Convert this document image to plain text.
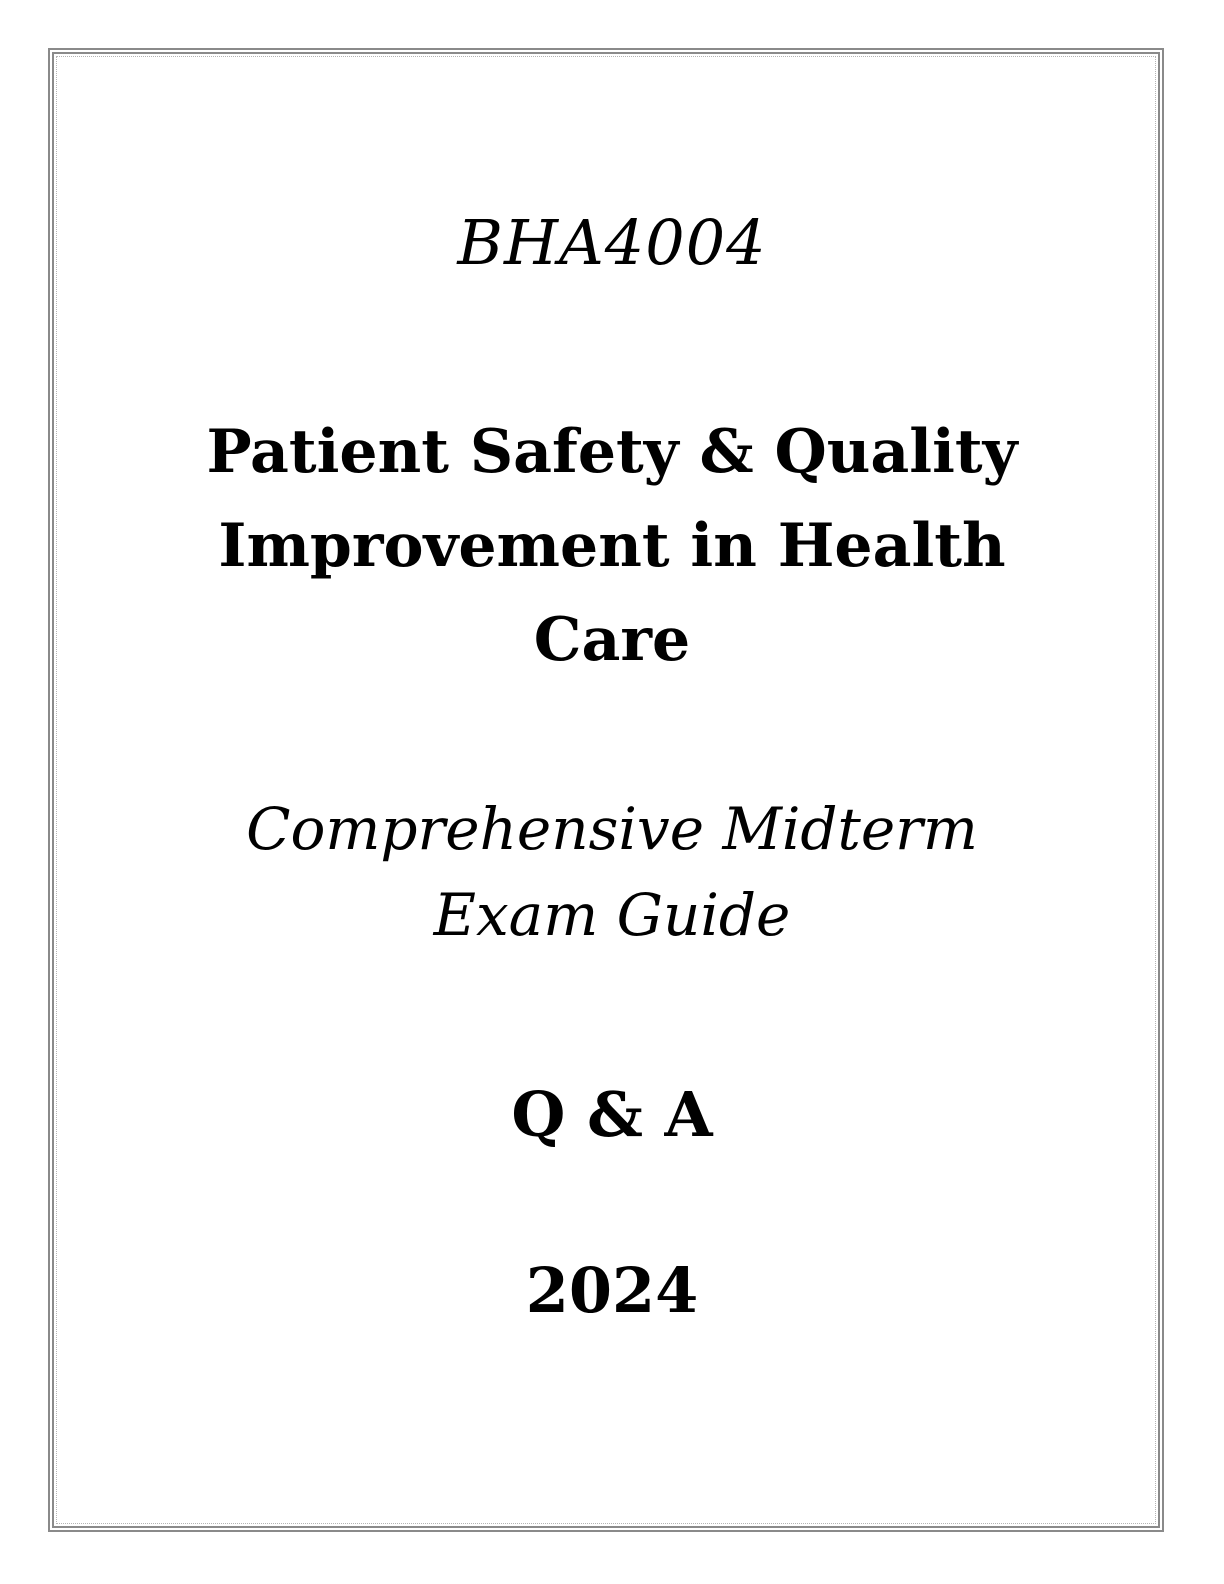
BHA4004
Patient Safety & Quality
Improvement in Health
Care
Comprehensive Midterm
Exam Guide
Q & A
2024
